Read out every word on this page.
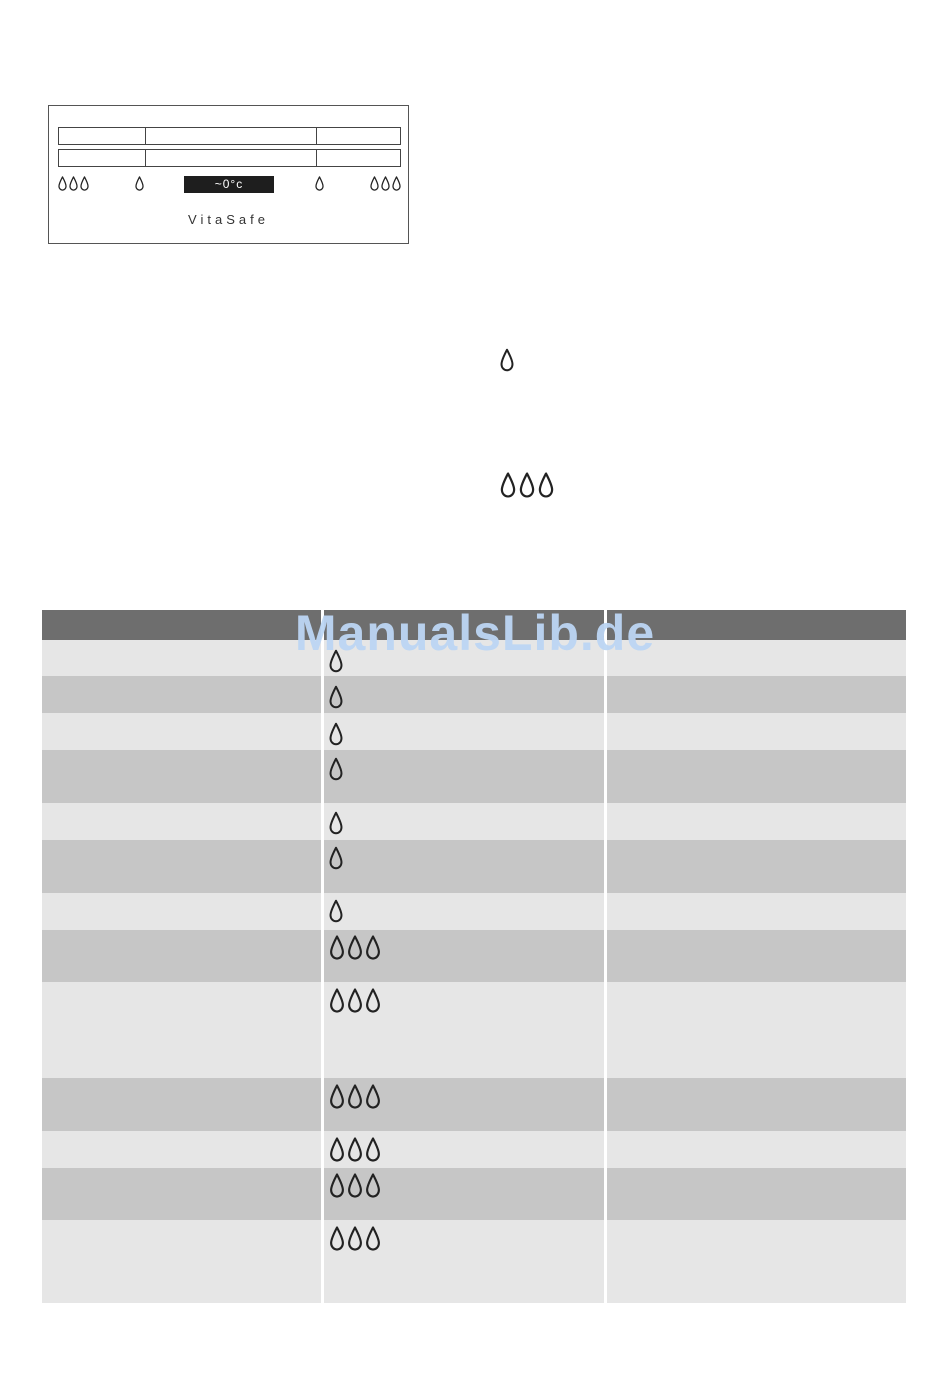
~0°c
VitaSafe
ManualsLib.de
